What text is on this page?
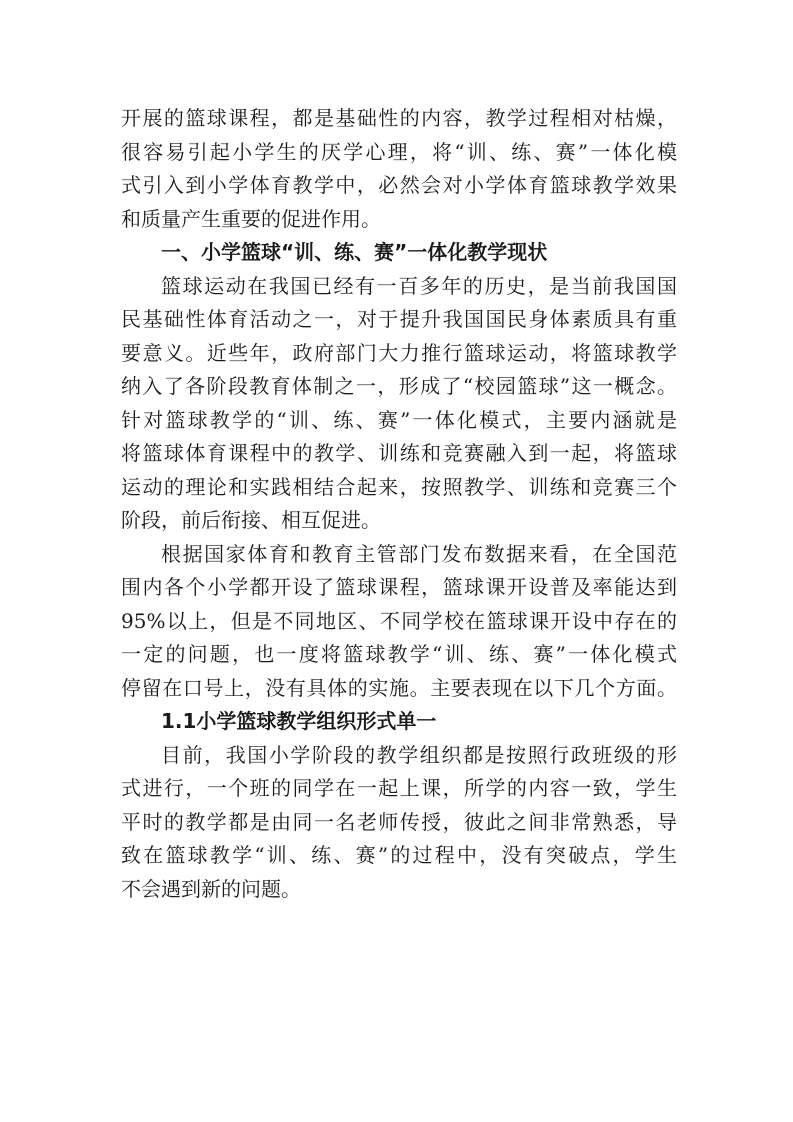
开展的篮球课程，都是基础性的内容，教学过程相对枯燥，
很容易引起小学生的厌学心理，将“训、练、赛”一体化模
式引入到小学体育教学中，必然会对小学体育篮球教学效果
和质量产生重要的促进作用。
一、小学篮球“训、练、赛”一体化教学现状
篮球运动在我国已经有一百多年的历史，是当前我国国
民基础性体育活动之一，对于提升我国国民身体素质具有重
要意义。近些年，政府部门大力推行篮球运动，将篮球教学
纳入了各阶段教育体制之一，形成了“校园篮球”这一概念。
针对篮球教学的“训、练、赛”一体化模式，主要内涵就是
将篮球体育课程中的教学、训练和竞赛融入到一起，将篮球
运动的理论和实践相结合起来，按照教学、训练和竞赛三个
阶段，前后衔接、相互促进。
根据国家体育和教育主管部门发布数据来看，在全国范
围内各个小学都开设了篮球课程，篮球课开设普及率能达到
95%以上，但是不同地区、不同学校在篮球课开设中存在的
一定的问题，也一度将篮球教学“训、练、赛”一体化模式
停留在口号上，没有具体的实施。主要表现在以下几个方面。
1.1小学篮球教学组织形式单一
目前，我国小学阶段的教学组织都是按照行政班级的形
式进行，一个班的同学在一起上课，所学的内容一致，学生
平时的教学都是由同一名老师传授，彼此之间非常熟悉，导
致在篮球教学“训、练、赛”的过程中，没有突破点，学生
不会遇到新的问题。
